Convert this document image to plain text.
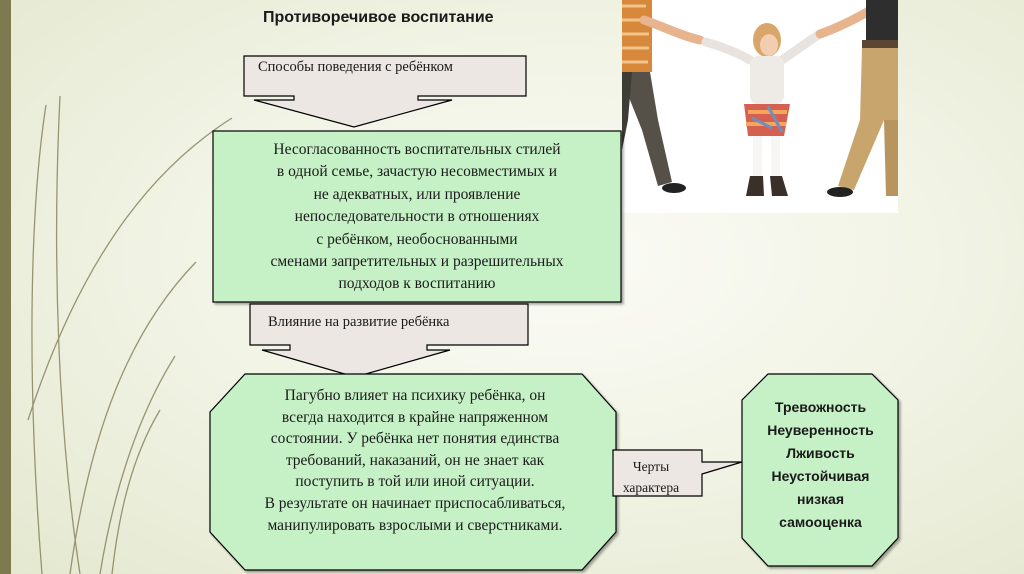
Противоречивое воспитание
Способы поведения с ребёнком
Несогласованность воспитательных стилей
в одной семье, зачастую несовместимых и
не адекватных, или проявление
непоследовательности в отношениях
с ребёнком, необоснованными
сменами запретительных и разрешительных
подходов к воспитанию
Влияние на развитие ребёнка
Пагубно влияет на психику ребёнка, он
всегда находится в крайне напряженном
состоянии. У ребёнка нет понятия единства
требований, наказаний, он не знает как
поступить в той или иной ситуации.
В результате он начинает приспосабливаться,
манипулировать взрослыми и сверстниками.
Черты
характера
Тревожность
Неуверенность
Лживость
Неустойчивая
низкая
самооценка
